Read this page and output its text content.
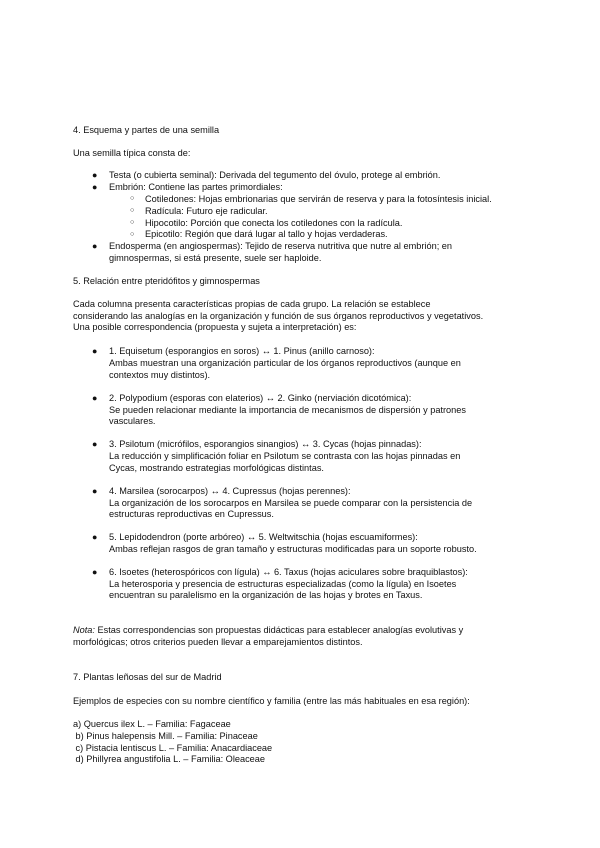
4. Esquema y partes de una semilla
Una semilla típica consta de:
● Testa (o cubierta seminal): Derivada del tegumento del óvulo, protege al embrión.
● Embrión: Contiene las partes primordiales:
○ Cotiledones: Hojas embrionarias que servirán de reserva y para la fotosíntesis inicial.
○ Radícula: Futuro eje radicular.
○ Hipocotilo: Porción que conecta los cotiledones con la radícula.
○ Epicotilo: Región que dará lugar al tallo y hojas verdaderas.
● Endosperma (en angiospermas): Tejido de reserva nutritiva que nutre al embrión; en
gimnospermas, si está presente, suele ser haploide.
5. Relación entre pteridófitos y gimnospermas
Cada columna presenta características propias de cada grupo. La relación se establece
considerando las analogías en la organización y función de sus órganos reproductivos y vegetativos.
Una posible correspondencia (propuesta y sujeta a interpretación) es:
● 1. Equisetum (esporangios en soros) ↔ 1. Pinus (anillo carnoso):
Ambas muestran una organización particular de los órganos reproductivos (aunque en
contextos muy distintos).
● 2. Polypodium (esporas con elaterios) ↔ 2. Ginko (nerviación dicotómica):
Se pueden relacionar mediante la importancia de mecanismos de dispersión y patrones
vasculares.
● 3. Psilotum (micrófilos, esporangios sinangios) ↔ 3. Cycas (hojas pinnadas):
La reducción y simplificación foliar en Psilotum se contrasta con las hojas pinnadas en
Cycas, mostrando estrategias morfológicas distintas.
● 4. Marsilea (sorocarpos) ↔ 4. Cupressus (hojas perennes):
La organización de los sorocarpos en Marsilea se puede comparar con la persistencia de
estructuras reproductivas en Cupressus.
● 5. Lepidodendron (porte arbóreo) ↔ 5. Weltwitschia (hojas escuamiformes):
Ambas reflejan rasgos de gran tamaño y estructuras modificadas para un soporte robusto.
● 6. Isoetes (heterospóricos con lígula) ↔ 6. Taxus (hojas aciculares sobre braquiblastos):
La heterosporia y presencia de estructuras especializadas (como la lígula) en Isoetes
encuentran su paralelismo en la organización de las hojas y brotes en Taxus.
Nota: Estas correspondencias son propuestas didácticas para establecer analogías evolutivas y
morfológicas; otros criterios pueden llevar a emparejamientos distintos.
7. Plantas leñosas del sur de Madrid
Ejemplos de especies con su nombre científico y familia (entre las más habituales en esa región):
a) Quercus ilex L. – Familia: Fagaceae
b) Pinus halepensis Mill. – Familia: Pinaceae
c) Pistacia lentiscus L. – Familia: Anacardiaceae
d) Phillyrea angustifolia L. – Familia: Oleaceae
